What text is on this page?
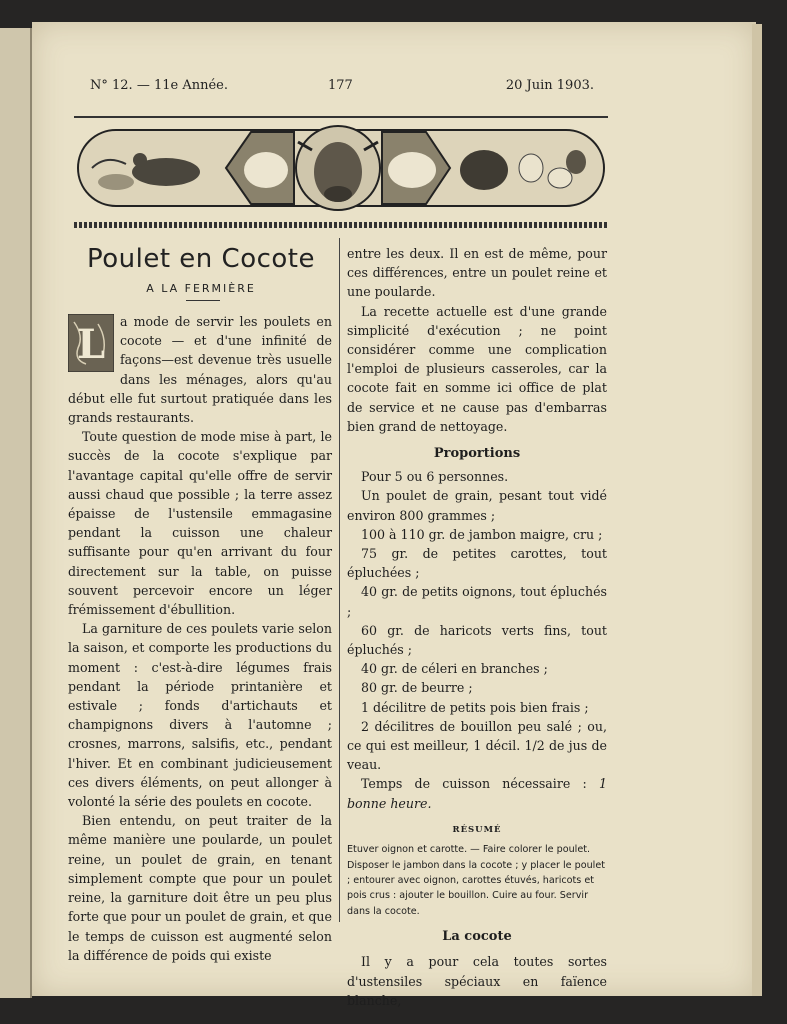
N° 12. — 11e Année.	177	20 Juin 1903.
Poulet en Cocote
A LA FERMIÈRE

L a mode de servir les poulets en cocote — et d'une infinité de façons—est devenue très usuelle dans les ménages, alors qu'au début elle fut surtout pratiquée dans les grands restaurants.

Toute question de mode mise à part, le succès de la cocote s'explique par l'avantage capital qu'elle offre de servir aussi chaud que possible ; la terre assez épaisse de l'ustensile emmagasine pendant la cuisson une chaleur suffisante pour qu'en arrivant du four directement sur la table, on puisse souvent percevoir encore un léger frémissement d'ébullition.

La garniture de ces poulets varie selon la saison, et comporte les productions du moment : c'est-à-dire légumes frais pendant la période printanière et estivale ; fonds d'artichauts et champignons divers à l'automne ; crosnes, marrons, salsifis, etc., pendant l'hiver. Et en combinant judicieusement ces divers éléments, on peut allonger à volonté la série des poulets en cocote.

Bien entendu, on peut traiter de la même manière une poularde, un poulet reine, un poulet de grain, en tenant simplement compte que pour un poulet reine, la garniture doit être un peu plus forte que pour un poulet de grain, et que le temps de cuisson est augmenté selon la différence de poids qui existe

entre les deux. Il en est de même, pour ces différences, entre un poulet reine et une poularde.

La recette actuelle est d'une grande simplicité d'exécution ; ne point considérer comme une complication l'emploi de plusieurs casseroles, car la cocote fait en somme ici office de plat de service et ne cause pas d'embarras bien grand de nettoyage.

Proportions

Pour 5 ou 6 personnes.

Un poulet de grain, pesant tout vidé environ 800 grammes ;

100 à 110 gr. de jambon maigre, cru ;

75 gr. de petites carottes, tout épluchées ;

40 gr. de petits oignons, tout épluchés ;

60 gr. de haricots verts fins, tout épluchés ;

40 gr. de céleri en branches ;

80 gr. de beurre ;

1 décilitre de petits pois bien frais ;

2 décilitres de bouillon peu salé ; ou, ce qui est meilleur, 1 décil. 1/2 de jus de veau.

Temps de cuisson nécessaire : 1 bonne heure.

RÉSUMÉ

Etuver oignon et carotte. — Faire colorer le poulet. Disposer le jambon dans la cocote ; y placer le poulet ; entourer avec oignon, carottes étuvés, haricots et pois crus : ajouter le bouillon. Cuire au four. Servir dans la cocote.

La cocote

Il y a pour cela toutes sortes d'ustensiles spéciaux en faïence blanche,
